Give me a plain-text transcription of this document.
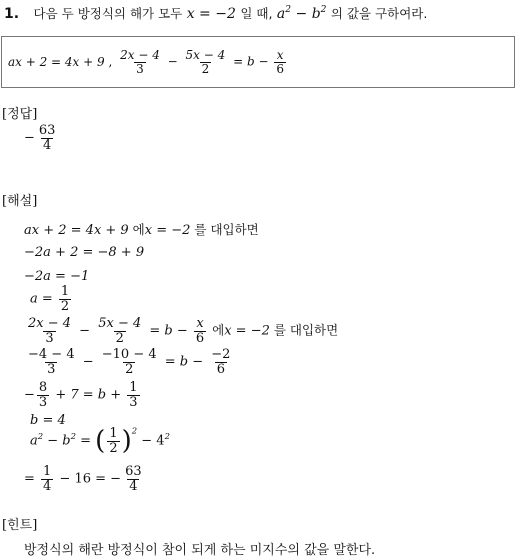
1. 다음 두 방정식의 해가 모두 x = −2 일 때, $a^2 - b^2$ 의 값을 구하여라.
ax + 2 = 4x + 9 , $\frac{2x - 4}{3} - \frac{5x - 4}{2} = b - \frac{x}{6}$
[정답]
− $\frac{63}{4}$
[해설]
ax + 2 = 4x + 9 에x = −2 를 대입하면
−2a + 2 = −8 + 9
−2a = −1
$a = \frac{1}{2}$
$\frac{2x - 4}{3} - \frac{5x - 4}{2} = b - \frac{x}{6}$ 에x = −2 를 대입하면
$\frac{-4 - 4}{3} - \frac{-10 - 4}{2} = b - \frac{-2}{6}$
− $\frac{8}{3} + 7 = b + \frac{1}{3}$
b = 4
$a^2 - b^2$ = ( $\frac{1}{2} )^2 - 4^2$
= $\frac{1}{4} - 16$ = − $\frac{63}{4}$
[힌트]
방정식의 해란 방정식이 참이 되게 하는 미지수의 값을 말한다.
